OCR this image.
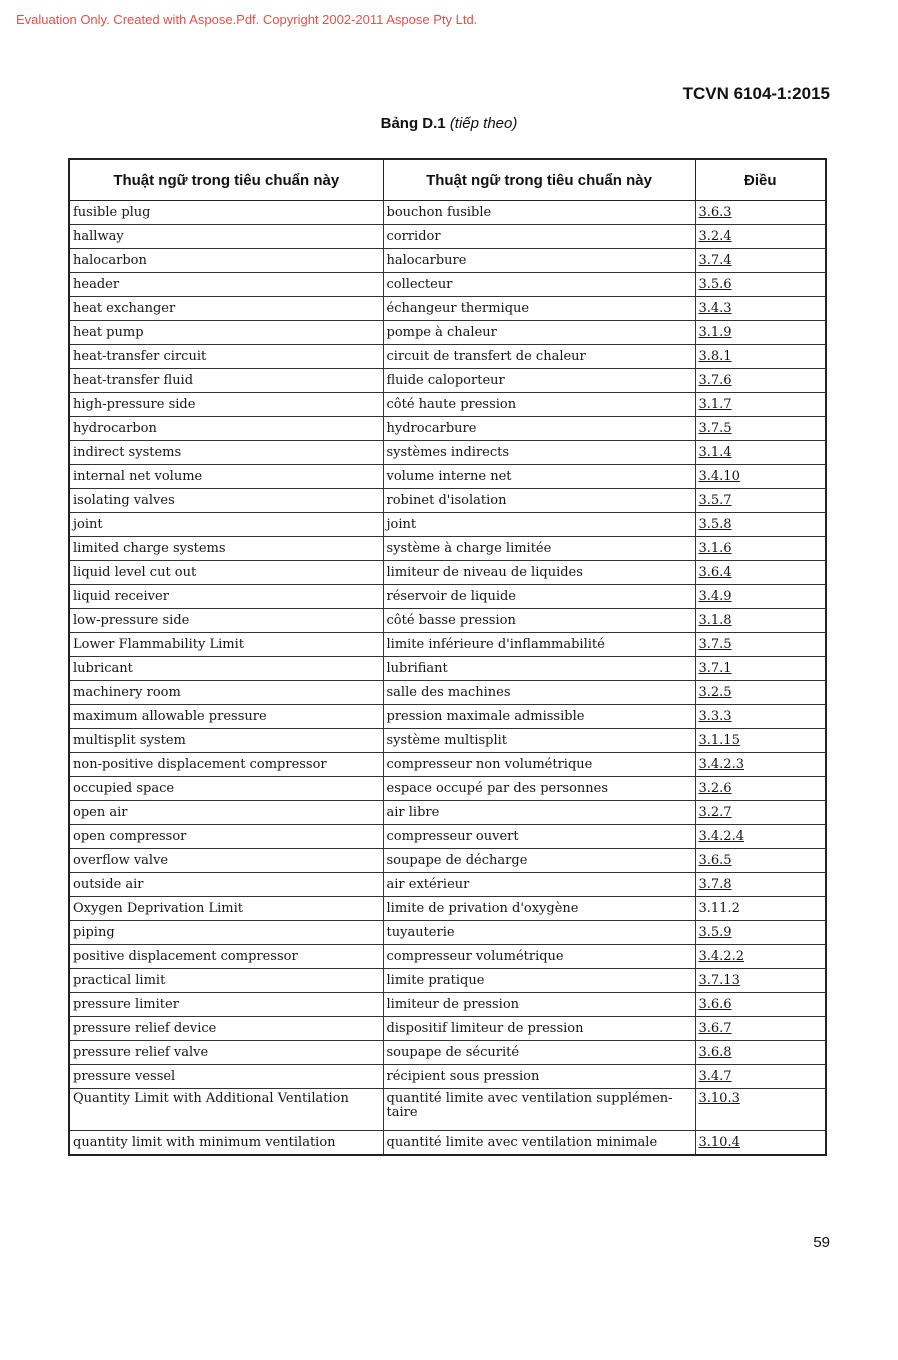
Evaluation Only. Created with Aspose.Pdf. Copyright 2002-2011 Aspose Pty Ltd.
TCVN 6104-1:2015
Bảng D.1 (tiếp theo)
Thuật ngữ trong tiêu chuẩn này	Thuật ngữ trong tiêu chuẩn này	Điều
fusible plug	bouchon fusible	3.6.3
hallway	corridor	3.2.4
halocarbon	halocarbure	3.7.4
header	collecteur	3.5.6
heat exchanger	échangeur thermique	3.4.3
heat pump	pompe à chaleur	3.1.9
heat-transfer circuit	circuit de transfert de chaleur	3.8.1
heat-transfer fluid	fluide caloporteur	3.7.6
high-pressure side	côté haute pression	3.1.7
hydrocarbon	hydrocarbure	3.7.5
indirect systems	systèmes indirects	3.1.4
internal net volume	volume interne net	3.4.10
isolating valves	robinet d'isolation	3.5.7
joint	joint	3.5.8
limited charge systems	système à charge limitée	3.1.6
liquid level cut out	limiteur de niveau de liquides	3.6.4
liquid receiver	réservoir de liquide	3.4.9
low-pressure side	côté basse pression	3.1.8
Lower Flammability Limit	limite inférieure d'inflammabilité	3.7.5
lubricant	lubrifiant	3.7.1
machinery room	salle des machines	3.2.5
maximum allowable pressure	pression maximale admissible	3.3.3
multisplit system	système multisplit	3.1.15
non-positive displacement compressor	compresseur non volumétrique	3.4.2.3
occupied space	espace occupé par des personnes	3.2.6
open air	air libre	3.2.7
open compressor	compresseur ouvert	3.4.2.4
overflow valve	soupape de décharge	3.6.5
outside air	air extérieur	3.7.8
Oxygen Deprivation Limit	limite de privation d'oxygène	3.11.2
piping	tuyauterie	3.5.9
positive displacement compressor	compresseur volumétrique	3.4.2.2
practical limit	limite pratique	3.7.13
pressure limiter	limiteur de pression	3.6.6
pressure relief device	dispositif limiteur de pression	3.6.7
pressure relief valve	soupape de sécurité	3.6.8
pressure vessel	récipient sous pression	3.4.7
Quantity Limit with Additional Ventilation	quantité limite avec ventilation supplémen-taire	3.10.3
quantity limit with minimum ventilation	quantité limite avec ventilation minimale	3.10.4
59
